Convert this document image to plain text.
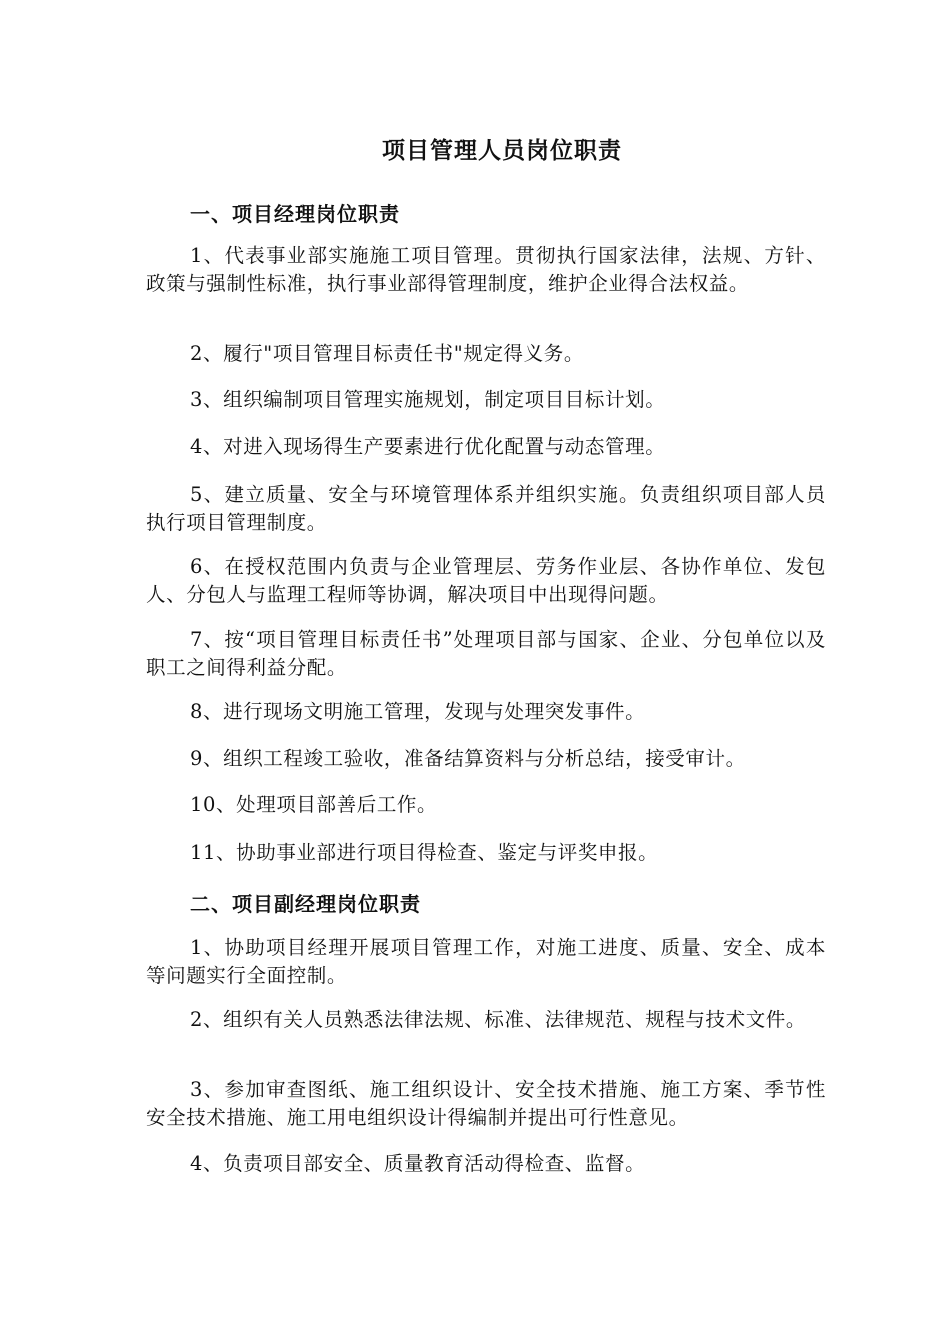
项目管理人员岗位职责
一、项目经理岗位职责

1、代表事业部实施施工项目管理。贯彻执行国家法律，法规、方针、政策与强制性标准，执行事业部得管理制度，维护企业得合法权益。

2、履行"项目管理目标责任书"规定得义务。

3、组织编制项目管理实施规划，制定项目目标计划。

4、对进入现场得生产要素进行优化配置与动态管理。

5、建立质量、安全与环境管理体系并组织实施。负责组织项目部人员执行项目管理制度。

6、在授权范围内负责与企业管理层、劳务作业层、各协作单位、发包人、分包人与监理工程师等协调，解决项目中出现得问题。

7、按“项目管理目标责任书”处理项目部与国家、企业、分包单位以及职工之间得利益分配。

8、进行现场文明施工管理，发现与处理突发事件。

9、组织工程竣工验收，准备结算资料与分析总结，接受审计。

10、处理项目部善后工作。

11、协助事业部进行项目得检查、鉴定与评奖申报。

二、项目副经理岗位职责

1、协助项目经理开展项目管理工作，对施工进度、质量、安全、成本等问题实行全面控制。

2、组织有关人员熟悉法律法规、标准、法律规范、规程与技术文件。

3、参加审查图纸、施工组织设计、安全技术措施、施工方案、季节性安全技术措施、施工用电组织设计得编制并提出可行性意见。

4、负责项目部安全、质量教育活动得检查、监督。
